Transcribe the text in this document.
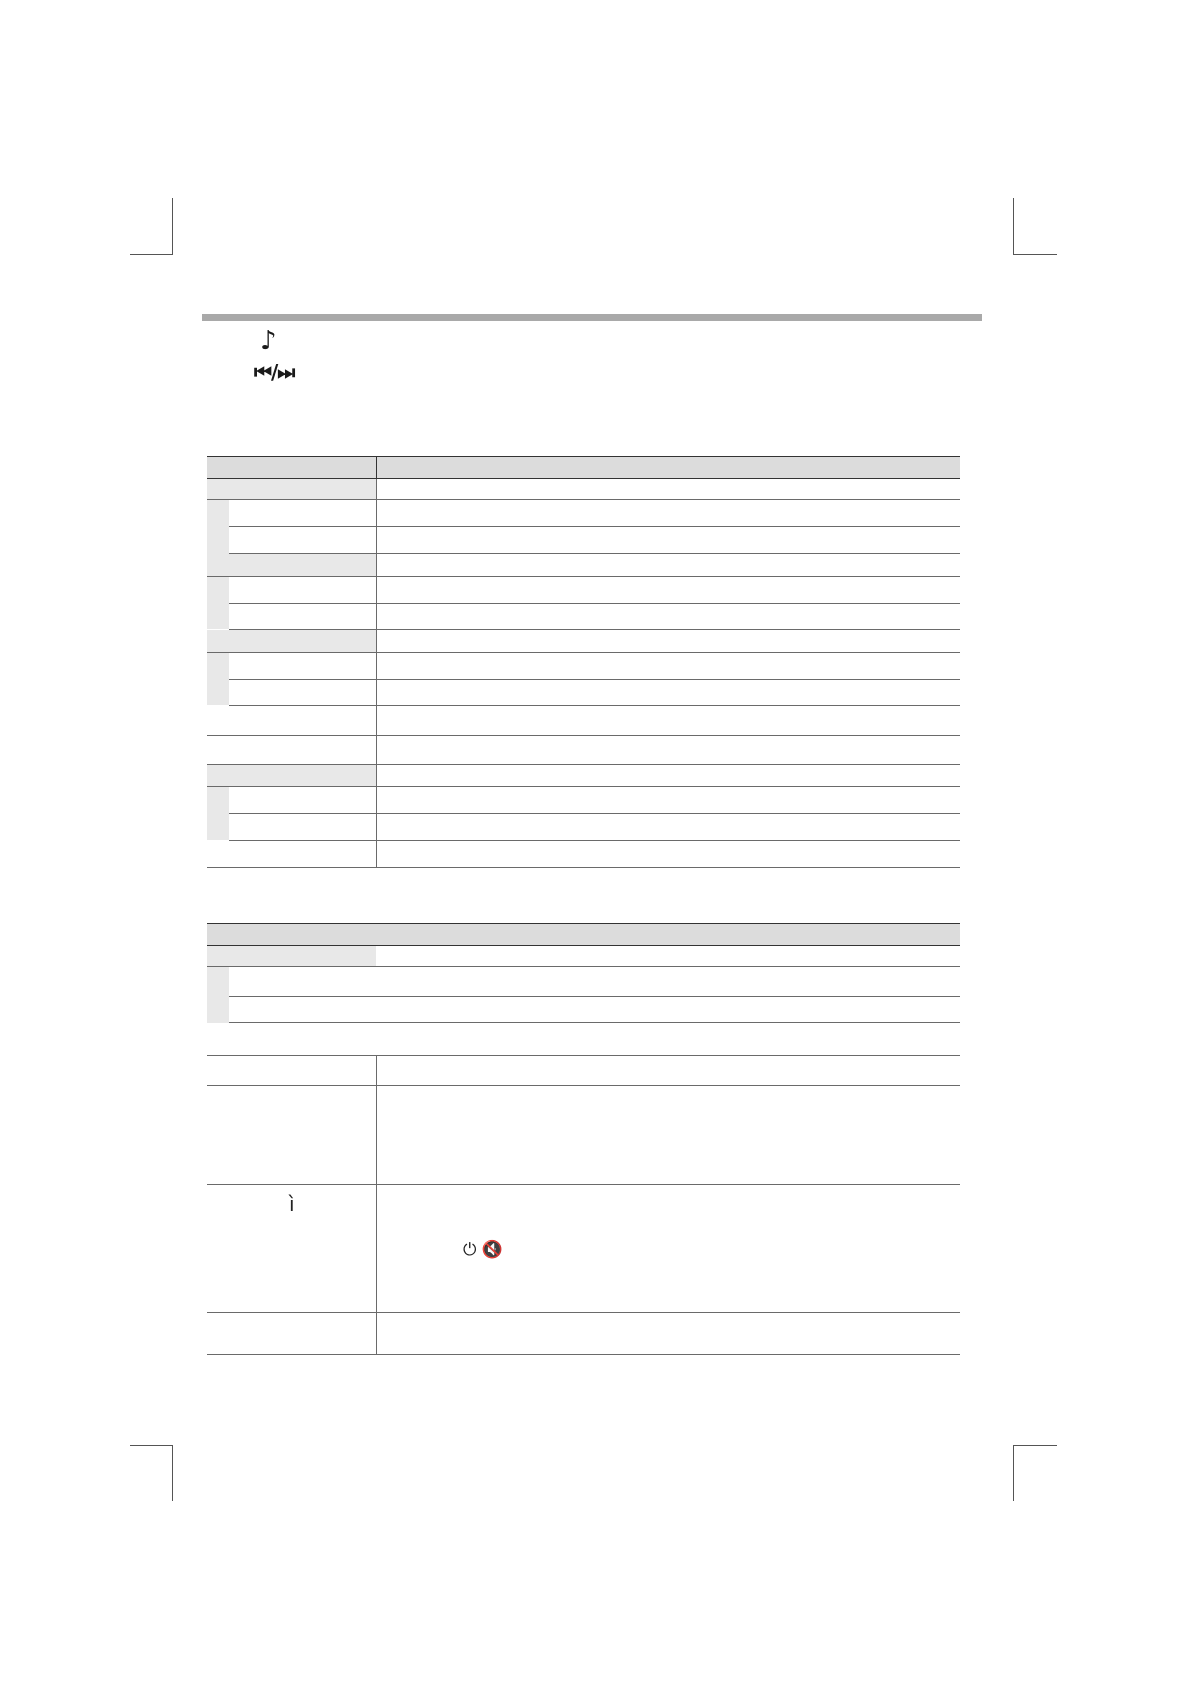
♪
⏮/⏭
ì
⏻ 🔇
